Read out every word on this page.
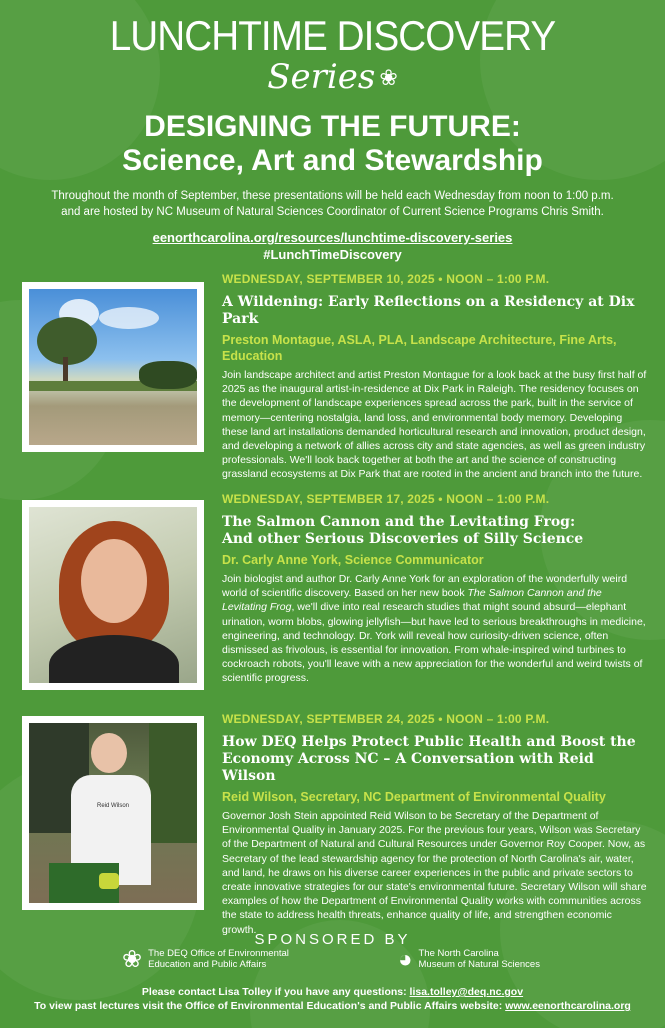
LUNCHTIME DISCOVERY
Series ❀
DESIGNING THE FUTURE:
Science, Art and Stewardship
Throughout the month of September, these presentations will be held each Wednesday from noon to 1:00 p.m.
and are hosted by NC Museum of Natural Sciences Coordinator of Current Science Programs Chris Smith.
eenorthcarolina.org/resources/lunchtime-discovery-series
#LunchTimeDiscovery
WEDNESDAY, SEPTEMBER 10, 2025 • NOON – 1:00 P.M.
A Wildening: Early Reflections on a Residency at Dix Park
Preston Montague, ASLA, PLA, Landscape Architecture, Fine Arts, Education
Join landscape architect and artist Preston Montague for a look back at the busy first half of 2025 as the inaugural artist-in-residence at Dix Park in Raleigh. The residency focuses on the development of landscape experiences spread across the park, built in the service of memory—centering nostalgia, land loss, and environmental body memory. Developing these land art installations demanded horticultural research and innovation, product design, and developing a network of allies across city and state agencies, as well as green industry professionals. We'll look back together at both the art and the science of constructing grassland ecosystems at Dix Park that are rooted in the ancient and branch into the future.
WEDNESDAY, SEPTEMBER 17, 2025 • NOON – 1:00 P.M.
The Salmon Cannon and the Levitating Frog:
And other Serious Discoveries of Silly Science
Dr. Carly Anne York, Science Communicator
Join biologist and author Dr. Carly Anne York for an exploration of the wonderfully weird world of scientific discovery. Based on her new book The Salmon Cannon and the Levitating Frog, we'll dive into real research studies that might sound absurd—elephant urination, worm blobs, glowing jellyfish—but have led to serious breakthroughs in medicine, engineering, and technology. Dr. York will reveal how curiosity-driven science, often dismissed as frivolous, is essential for innovation. From whale-inspired wind turbines to cockroach robots, you'll leave with a new appreciation for the wonderful and weird twists of scientific progress.
Reid Wilson
WEDNESDAY, SEPTEMBER 24, 2025 • NOON – 1:00 P.M.
How DEQ Helps Protect Public Health and Boost the
Economy Across NC – A Conversation with Reid Wilson
Reid Wilson, Secretary, NC Department of Environmental Quality
Governor Josh Stein appointed Reid Wilson to be Secretary of the Department of Environmental Quality in January 2025. For the previous four years, Wilson was Secretary of the Department of Natural and Cultural Resources under Governor Roy Cooper. Now, as Secretary of the lead stewardship agency for the protection of North Carolina's air, water, and land, he draws on his diverse career experiences in the public and private sectors to create innovative strategies for our state's environmental future. Secretary Wilson will share examples of how the Department of Environmental Quality works with communities across the state to address health threats, enhance quality of life, and strengthen economic growth.
SPONSORED BY
❀ The DEQ Office of Environmental
Education and Public Affairs	◕ The North Carolina
Museum of Natural Sciences
Please contact Lisa Tolley if you have any questions: lisa.tolley@deq.nc.gov
To view past lectures visit the Office of Environmental Education's and Public Affairs website: www.eenorthcarolina.org
